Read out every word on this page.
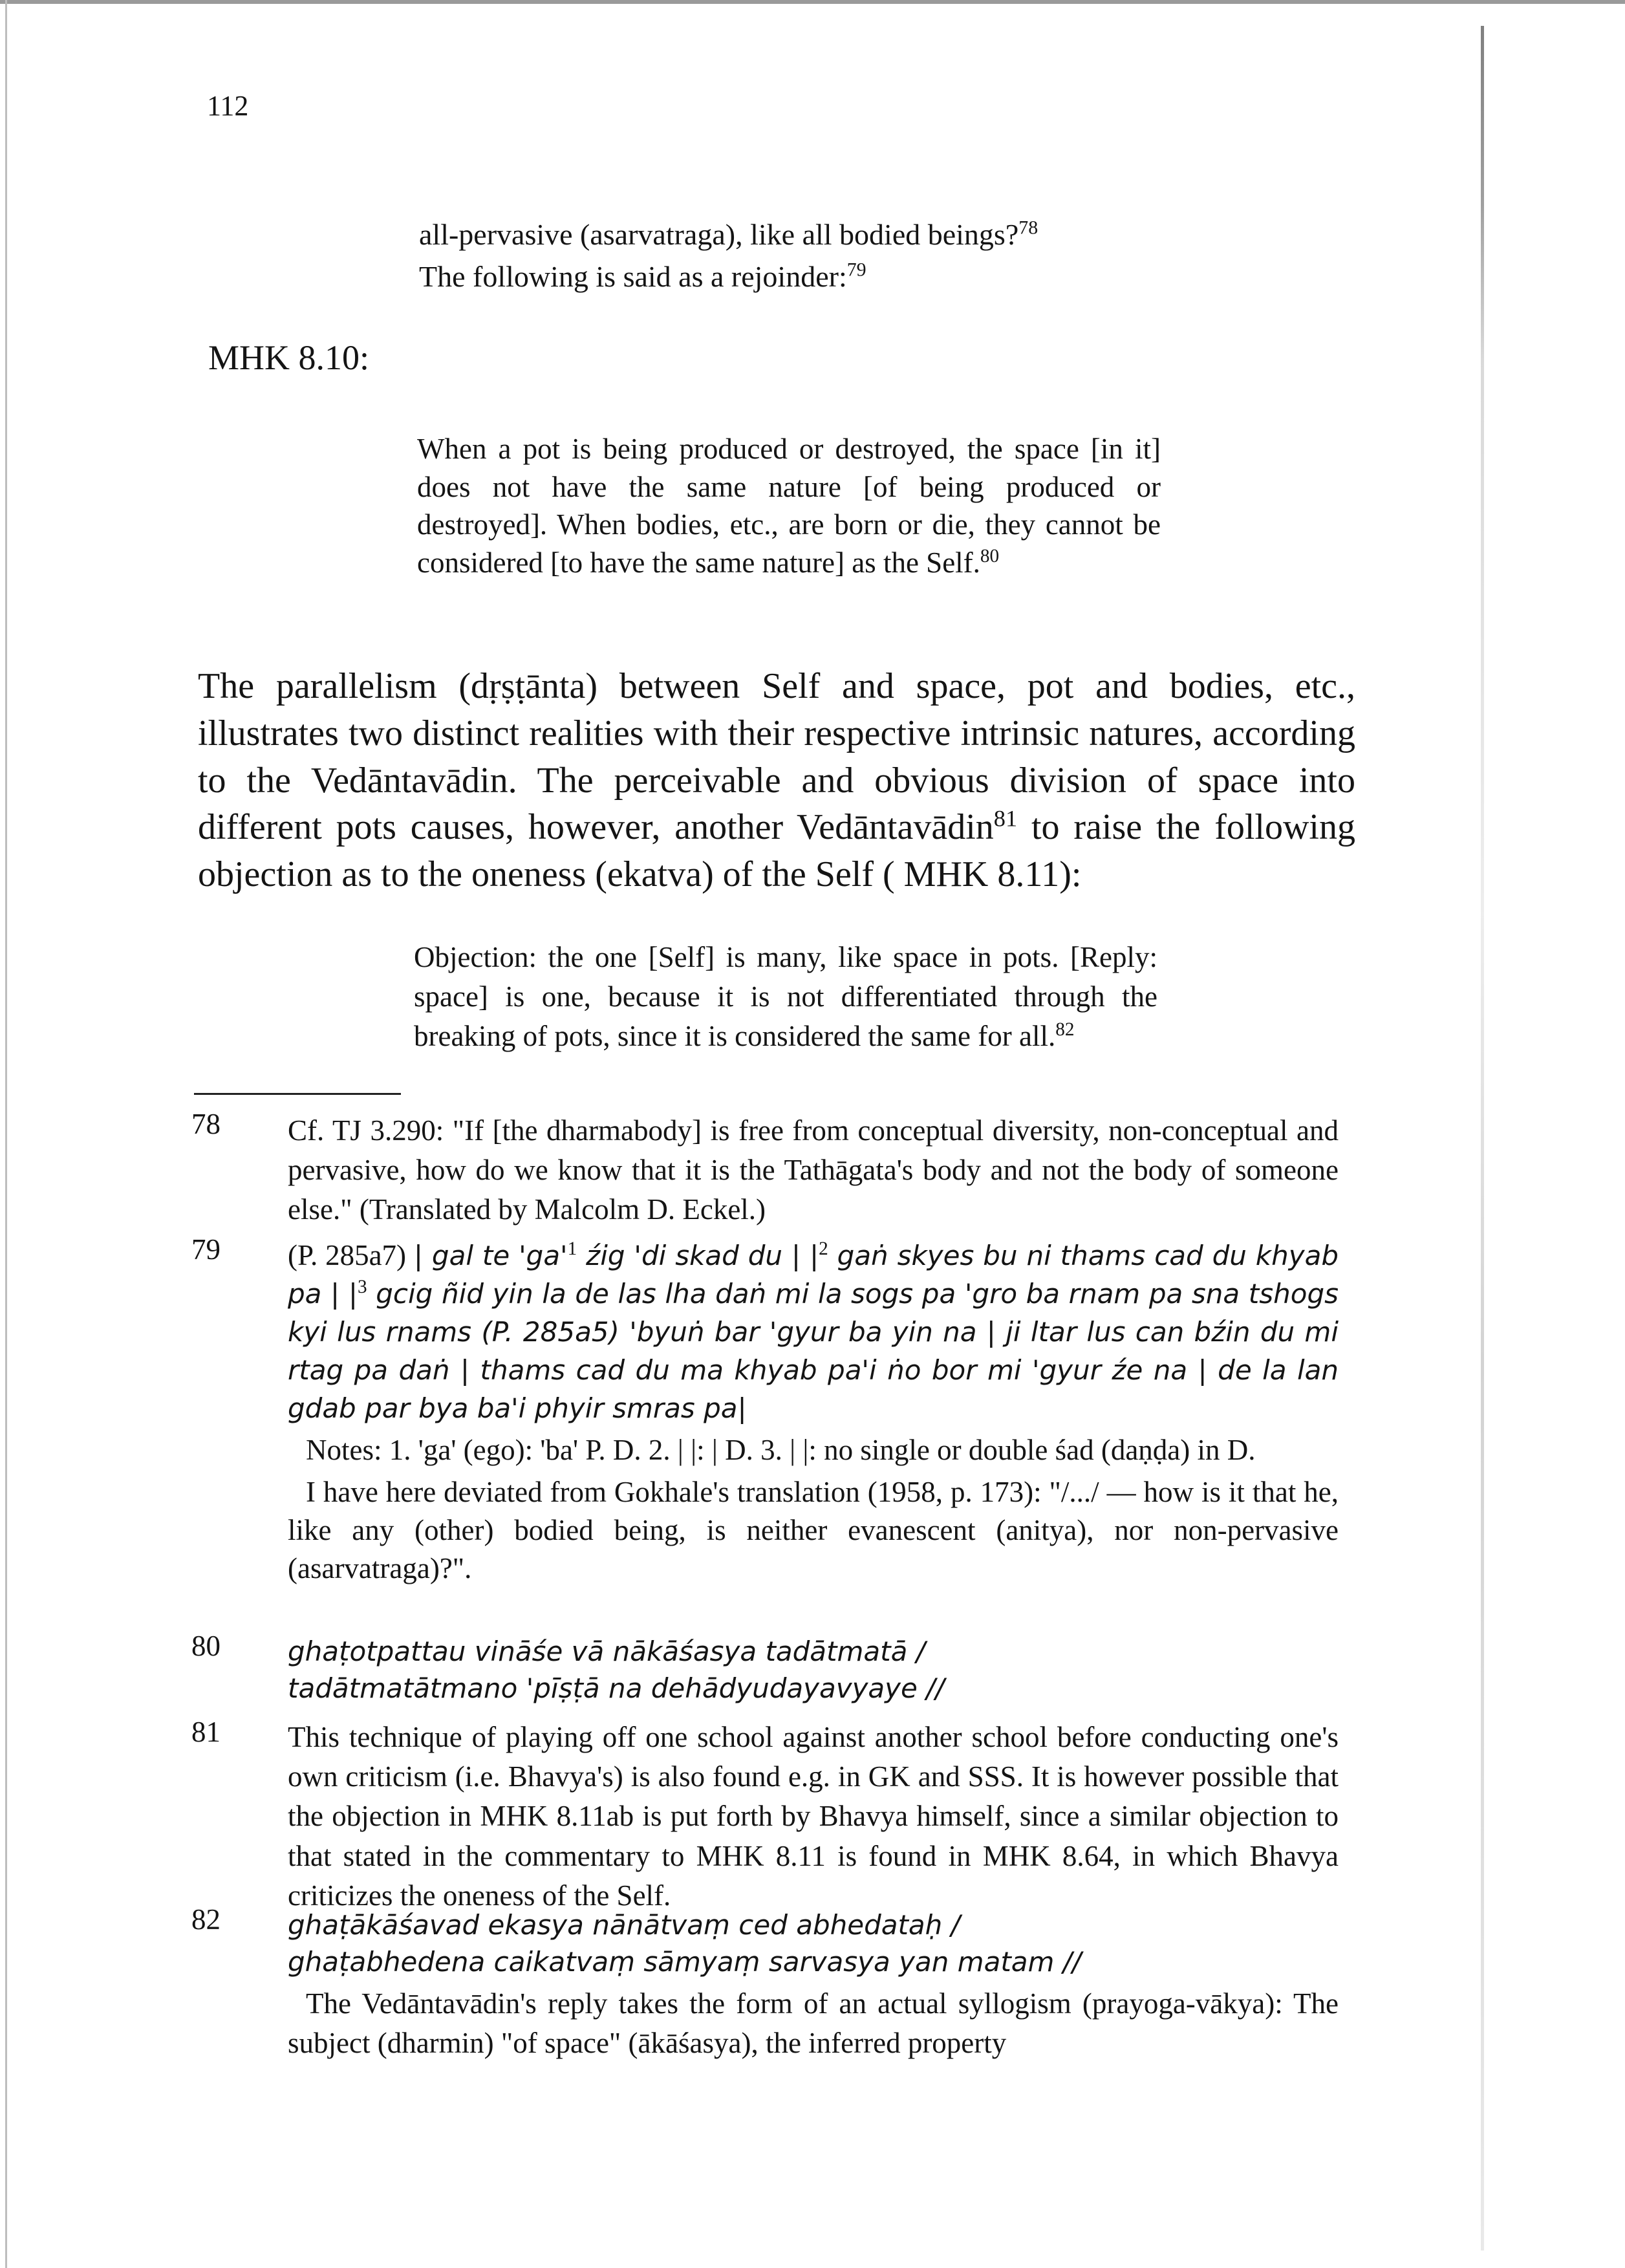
112
all-pervasive (asarvatraga), like all bodied beings?$^{78}$
The following is said as a rejoinder:$^{79}$
MHK 8.10:
When a pot is being produced or destroyed, the space [in it] does not have the same nature [of being produced or destroyed]. When bodies, etc., are born or die, they cannot be considered [to have the same nature] as the Self.$^{80}$
The parallelism (dṛṣṭānta) between Self and space, pot and bodies, etc., illustrates two distinct realities with their respective intrinsic natures, according to the Vedāntavādin. The perceivable and obvious division of space into different pots causes, however, another Vedāntavādin$^{81}$ to raise the following objection as to the oneness (ekatva) of the Self ( MHK 8.11):
Objection: the one [Self] is many, like space in pots. [Reply: space] is one, because it is not differentiated through the breaking of pots, since it is considered the same for all.$^{82}$
78 Cf. TJ 3.290: "If [the dharmabody] is free from conceptual diversity, non-conceptual and pervasive, how do we know that it is the Tathāgata's body and not the body of someone else." (Translated by Malcolm D. Eckel.)

79 (P. 285a7) | gal te '$ga'^1$ źig 'di skad du | $|^2$ gaṅ skyes bu ni thams cad du khyab pa | $|^3$ gcig ñid yin la de las lha daṅ mi la sogs pa 'gro ba rnam pa sna tshogs kyi lus rnams (P. 285a5) 'byuṅ bar 'gyur ba yin na | ji ltar lus can bźin du mi rtag pa daṅ | thams cad du ma khyab pa'i ṅo bor mi 'gyur źe na | de la lan gdab par bya ba'i phyir smras pa|

Notes: 1. 'ga' (ego): 'ba' P. D. 2. | |: | D. 3. | |: no single or double śad (daṇḍa) in D.

I have here deviated from Gokhale's translation (1958, p. 173): "/.../ — how is it that he, like any (other) bodied being, is neither evanescent (anitya), nor non-pervasive (asarvatraga)?".

80 ghaṭotpattau vināśe vā nākāśasya tadātmatā /

tadātmatātmano 'pīṣṭā na dehādyudayavyaye //

81 This technique of playing off one school against another school before conducting one's own criticism (i.e. Bhavya's) is also found e.g. in GK and SSS. It is however possible that the objection in MHK 8.11ab is put forth by Bhavya himself, since a similar objection to that stated in the commentary to MHK 8.11 is found in MHK 8.64, in which Bhavya criticizes the oneness of the Self.

82 ghaṭākāśavad ekasya nānātvaṃ ced abhedataḥ /

ghaṭabhedena caikatvaṃ sāmyaṃ sarvasya yan matam //

The Vedāntavādin's reply takes the form of an actual syllogism (prayoga-vākya): The subject (dharmin) "of space" (ākāśasya), the inferred property
